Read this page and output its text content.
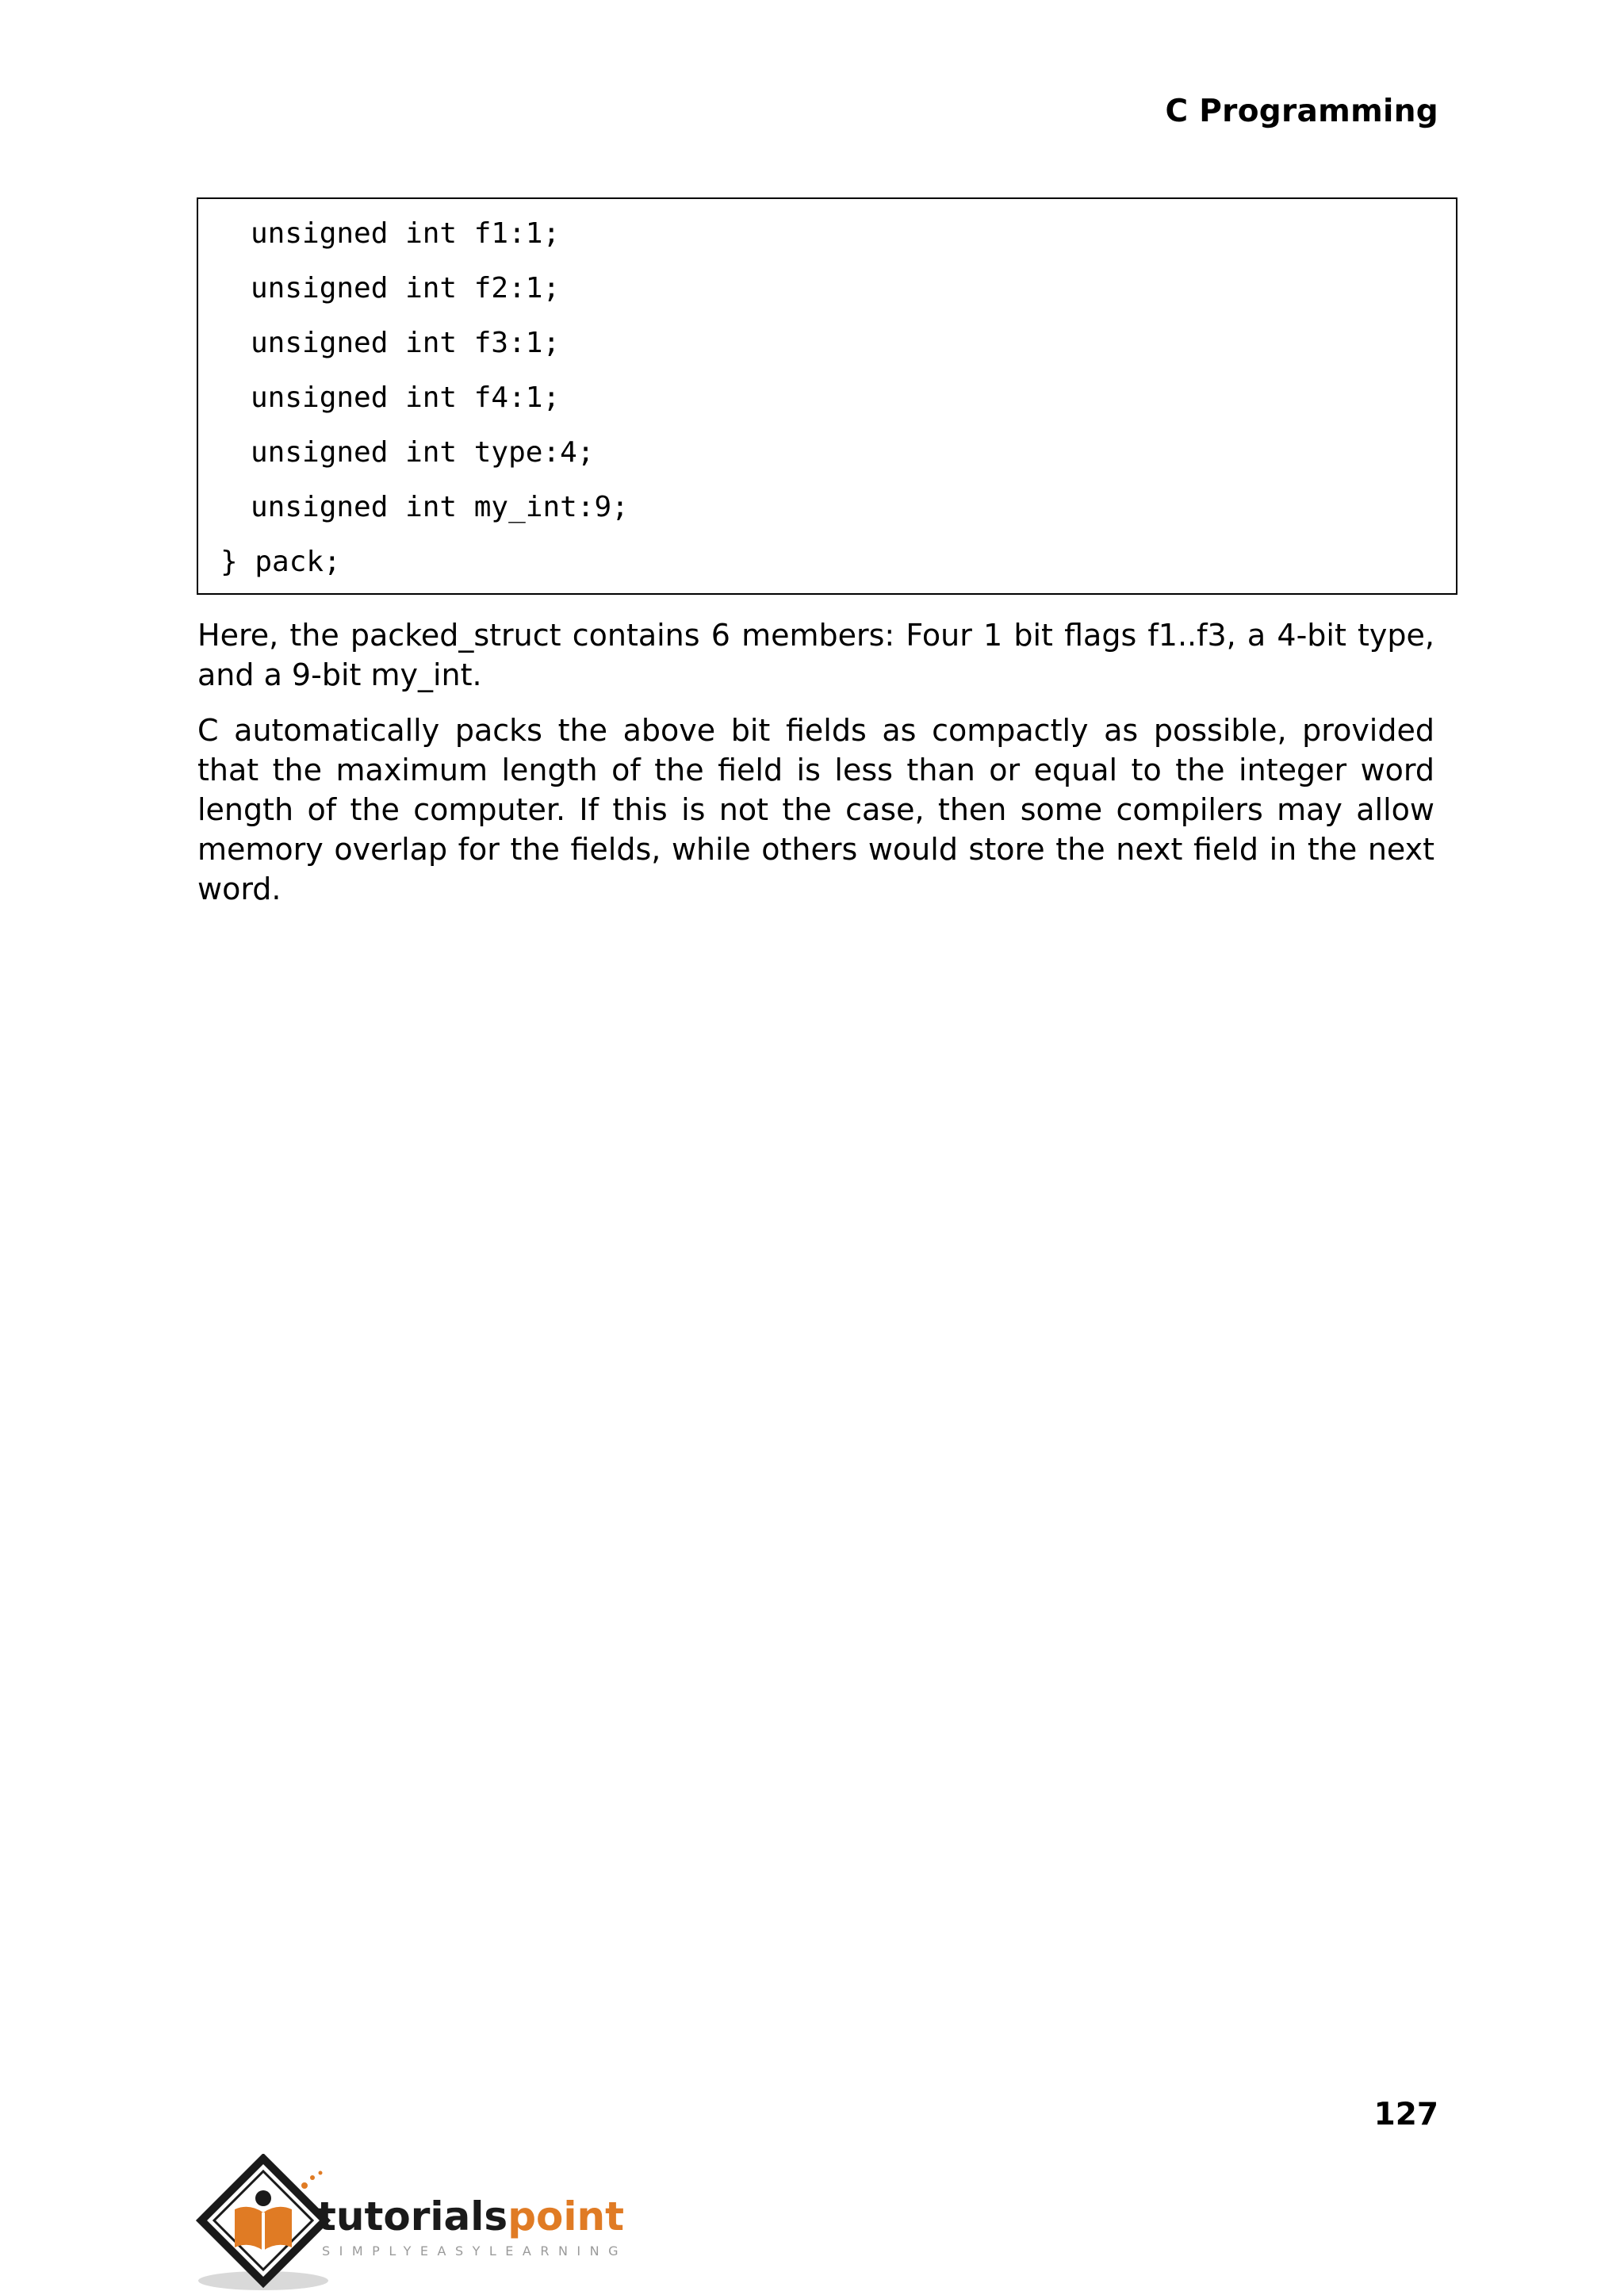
C Programming
unsigned int f1:1;
unsigned int f2:1;
unsigned int f3:1;
unsigned int f4:1;
unsigned int type:4;
unsigned int my_int:9;
} pack;

Here, the packed_struct contains 6 members: Four 1 bit flags f1..f3, a 4-bit type, and a 9-bit my_int.

C automatically packs the above bit fields as compactly as possible, provided that the maximum length of the field is less than or equal to the integer word length of the computer. If this is not the case, then some compilers may allow memory overlap for the fields, while others would store the next field in the next word.

127
tutorialspoint
SIMPLYEASYLEARNING
